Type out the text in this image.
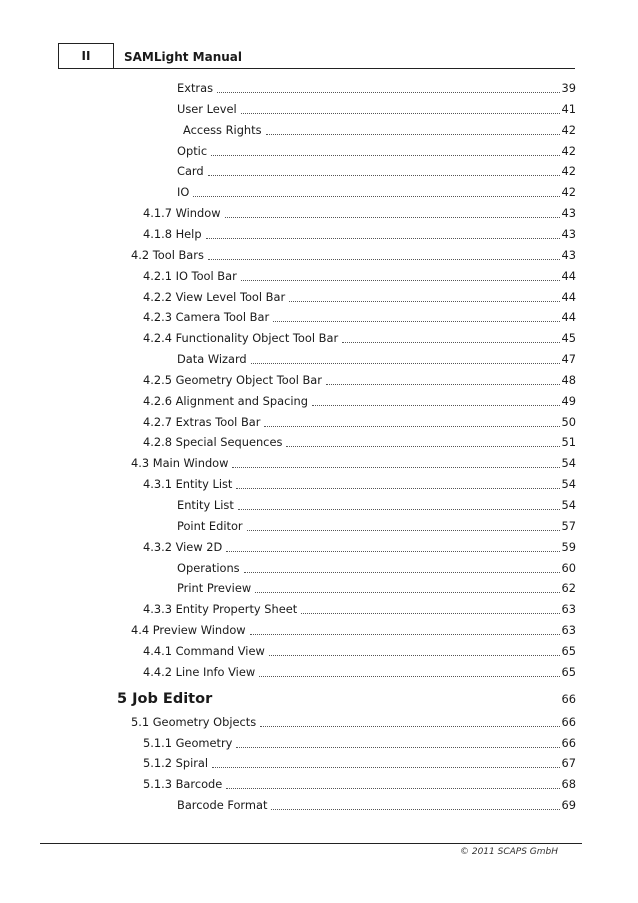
II	SAMLight Manual
Extras	39
User Level	41
Access Rights	42
Optic	42
Card	42
IO	42
4.1.7 Window	43
4.1.8 Help	43
4.2 Tool Bars	43
4.2.1 IO Tool Bar	44
4.2.2 View Level Tool Bar	44
4.2.3 Camera Tool Bar	44
4.2.4 Functionality Object Tool Bar	45
Data Wizard	47
4.2.5 Geometry Object Tool Bar	48
4.2.6 Alignment and Spacing	49
4.2.7 Extras Tool Bar	50
4.2.8 Special Sequences	51
4.3 Main Window	54
4.3.1 Entity List	54
Entity List	54
Point Editor	57
4.3.2 View 2D	59
Operations	60
Print Preview	62
4.3.3 Entity Property Sheet	63
4.4 Preview Window	63
4.4.1 Command View	65
4.4.2 Line Info View	65
5 Job Editor	66
5.1 Geometry Objects	66
5.1.1 Geometry	66
5.1.2 Spiral	67
5.1.3 Barcode	68
Barcode Format	69
© 2011 SCAPS GmbH
